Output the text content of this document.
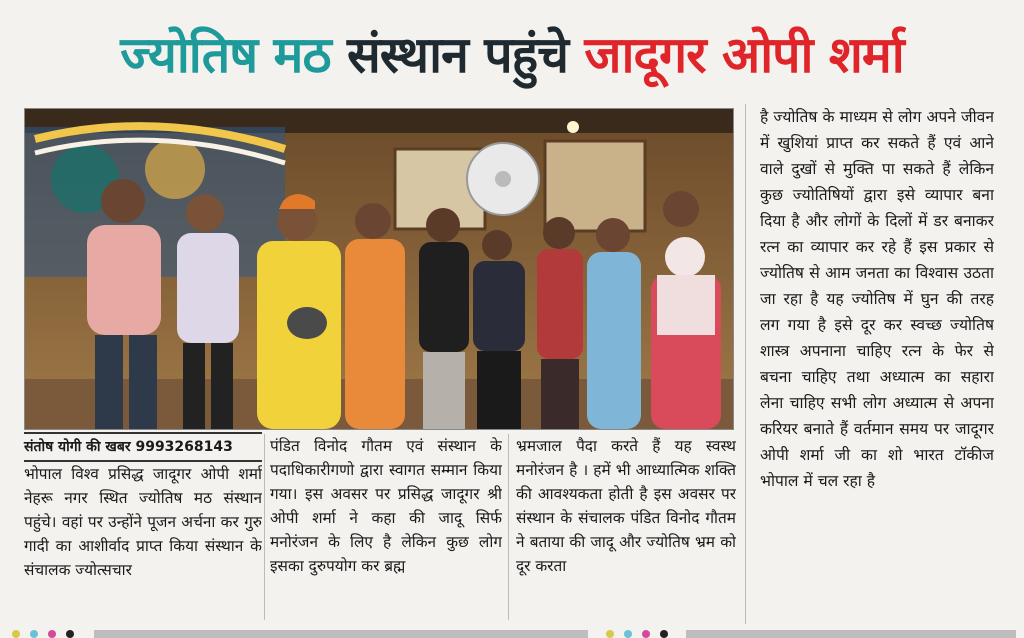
ज्योतिष मठ संस्थान पहुंचे जादूगर ओपी शर्मा
संतोष योगी की खबर 9993268143
भोपाल विश्व प्रसिद्ध जादूगर ओपी शर्मा नेहरू नगर स्थित ज्योतिष मठ संस्थान पहुंचे। वहां पर उन्होंने पूजन अर्चना कर गुरु गादी का आशीर्वाद प्राप्त किया संस्थान के संचालक ज्योत्सचार
पंडित विनोद गौतम एवं संस्थान के पदाधिकारीगणो द्वारा स्वागत सम्मान किया गया। इस अवसर पर प्रसिद्ध जादूगर श्री ओपी शर्मा ने कहा की जादू सिर्फ मनोरंजन के लिए है लेकिन कुछ लोग इसका दुरुपयोग कर ब्रह्म
भ्रमजाल पैदा करते हैं यह स्वस्थ मनोरंजन है । हमें भी आध्यात्मिक शक्ति की आवश्यकता होती है इस अवसर पर संस्थान के संचालक पंडित विनोद गौतम ने बताया की जादू और ज्योतिष भ्रम को दूर करता
है ज्योतिष के माध्यम से लोग अपने जीवन में खुशियां प्राप्त कर सकते हैं एवं आने वाले दुखों से मुक्ति पा सकते हैं लेकिन कुछ ज्योतिषियों द्वारा इसे व्यापार बना दिया है और लोगों के दिलों में डर बनाकर रत्न का व्यापार कर रहे हैं इस प्रकार से ज्योतिष से आम जनता का विश्वास उठता जा रहा है यह ज्योतिष में घुन की तरह लग गया है इसे दूर कर स्वच्छ ज्योतिष शास्त्र अपनाना चाहिए रत्न के फेर से बचना चाहिए तथा अध्यात्म का सहारा लेना चाहिए सभी लोग अध्यात्म से अपना करियर बनाते हैं वर्तमान समय पर जादूगर ओपी शर्मा जी का शो भारत टॉकीज भोपाल में चल रहा है
